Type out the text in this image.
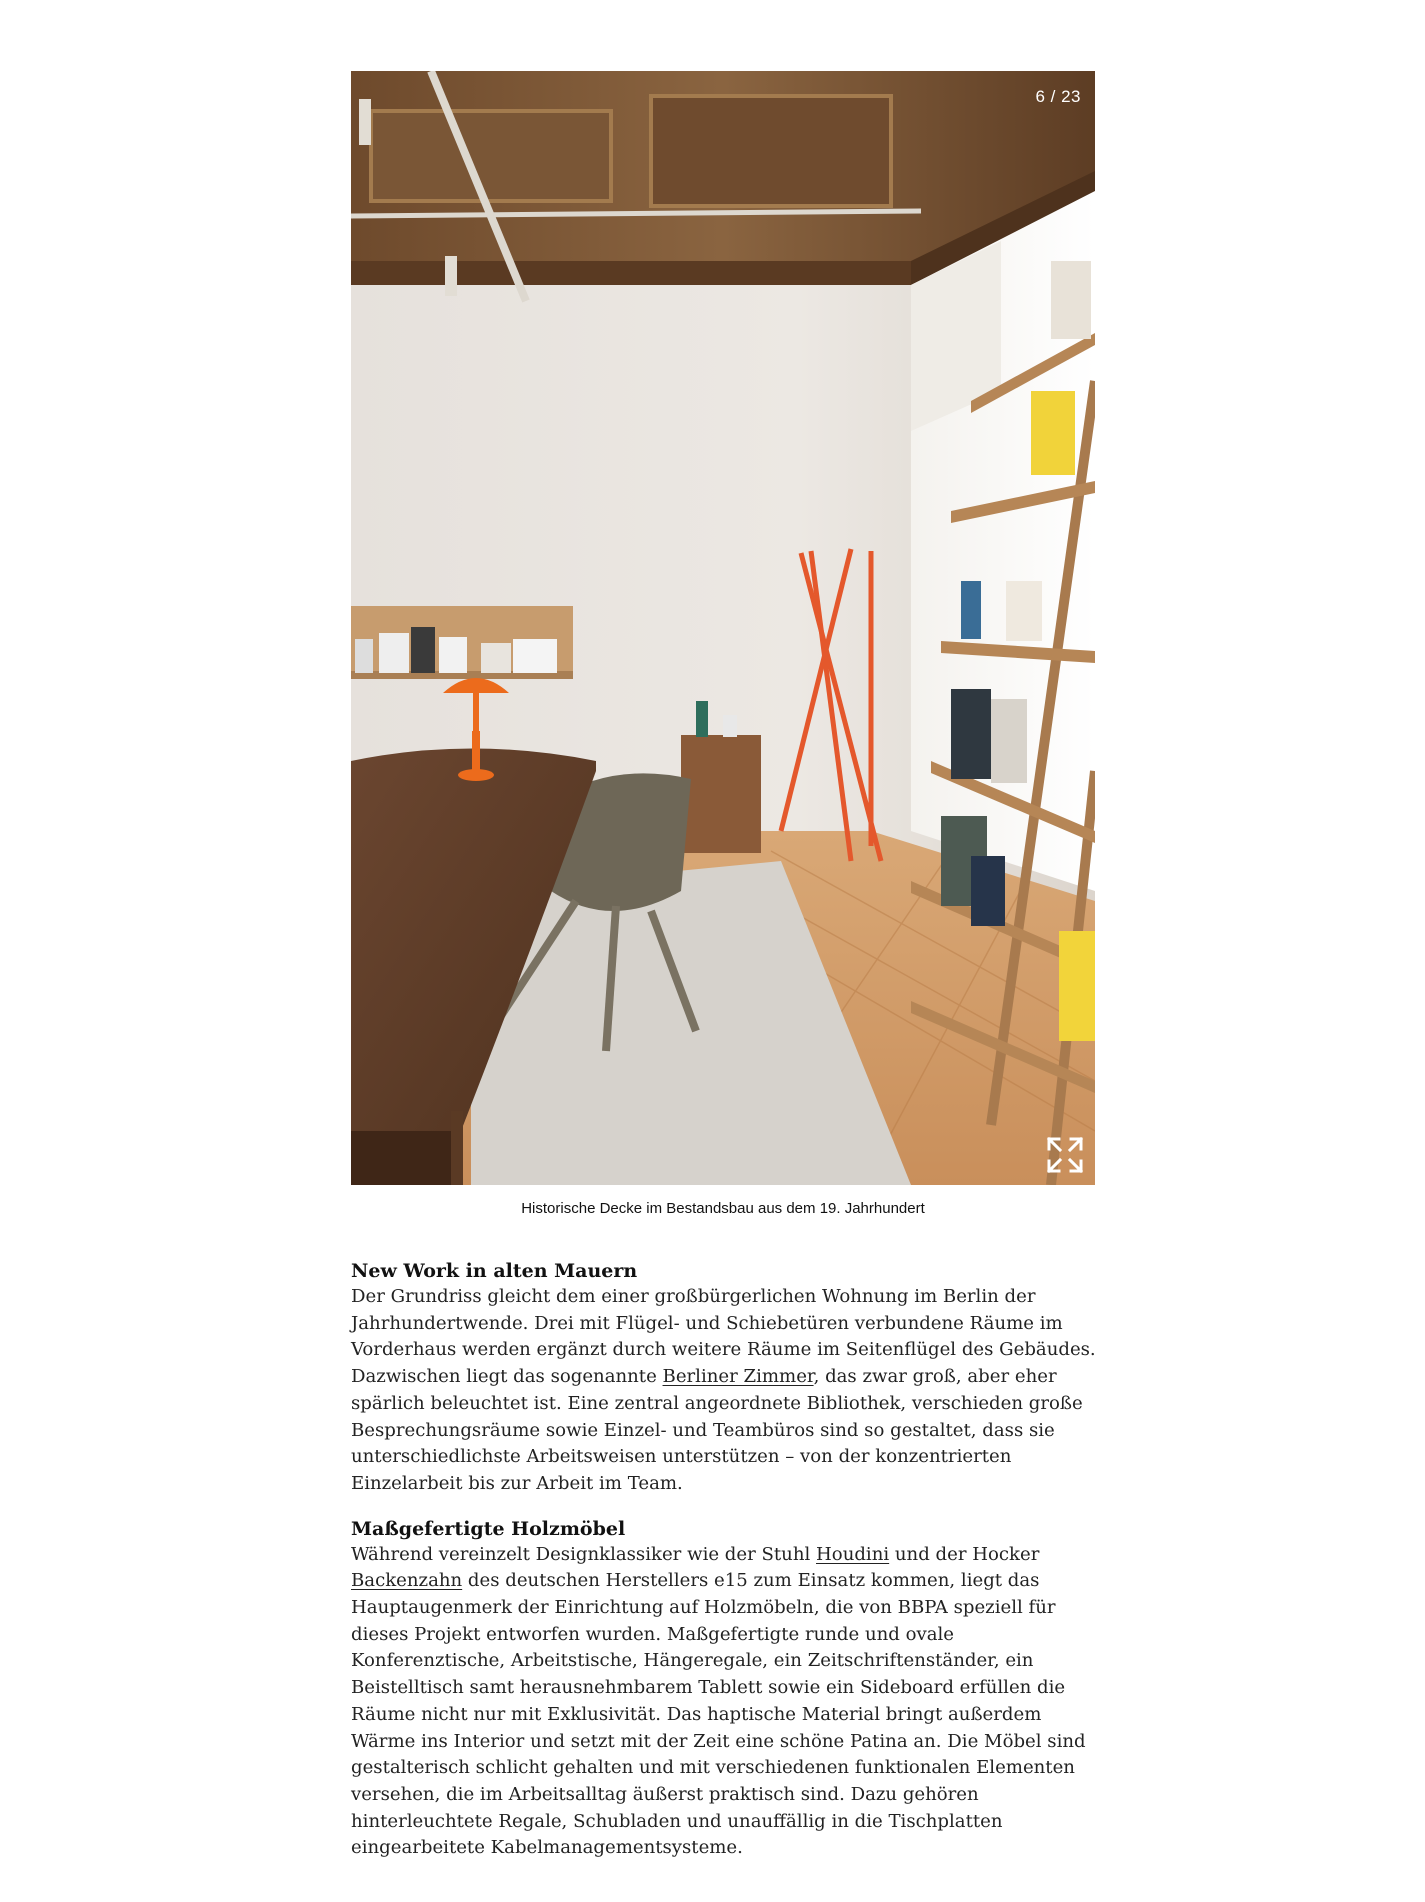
6 / 23
Historische Decke im Bestandsbau aus dem 19. Jahrhundert
New Work in alten Mauern

Der Grundriss gleicht dem einer großbürgerlichen Wohnung im Berlin der Jahrhundertwende. Drei mit Flügel- und Schiebetüren verbundene Räume im Vorderhaus werden ergänzt durch weitere Räume im Seitenflügel des Gebäudes. Dazwischen liegt das sogenannte Berliner Zimmer, das zwar groß, aber eher spärlich beleuchtet ist. Eine zentral angeordnete Bibliothek, verschieden große Besprechungsräume sowie Einzel- und Teambüros sind so gestaltet, dass sie unterschiedlichste Arbeitsweisen unterstützen – von der konzentrierten Einzelarbeit bis zur Arbeit im Team.

Maßgefertigte Holzmöbel

Während vereinzelt Designklassiker wie der Stuhl Houdini und der Hocker Backenzahn des deutschen Herstellers e15 zum Einsatz kommen, liegt das Hauptaugenmerk der Einrichtung auf Holzmöbeln, die von BBPA speziell für dieses Projekt entworfen wurden. Maßgefertigte runde und ovale Konferenztische, Arbeitstische, Hängeregale, ein Zeitschriftenständer, ein Beistelltisch samt herausnehmbarem Tablett sowie ein Sideboard erfüllen die Räume nicht nur mit Exklusivität. Das haptische Material bringt außerdem Wärme ins Interior und setzt mit der Zeit eine schöne Patina an. Die Möbel sind gestalterisch schlicht gehalten und mit verschiedenen funktionalen Elementen versehen, die im Arbeitsalltag äußerst praktisch sind. Dazu gehören hinterleuchtete Regale, Schubladen und unauffällig in die Tischplatten eingearbeitete Kabelmanagementsysteme.
